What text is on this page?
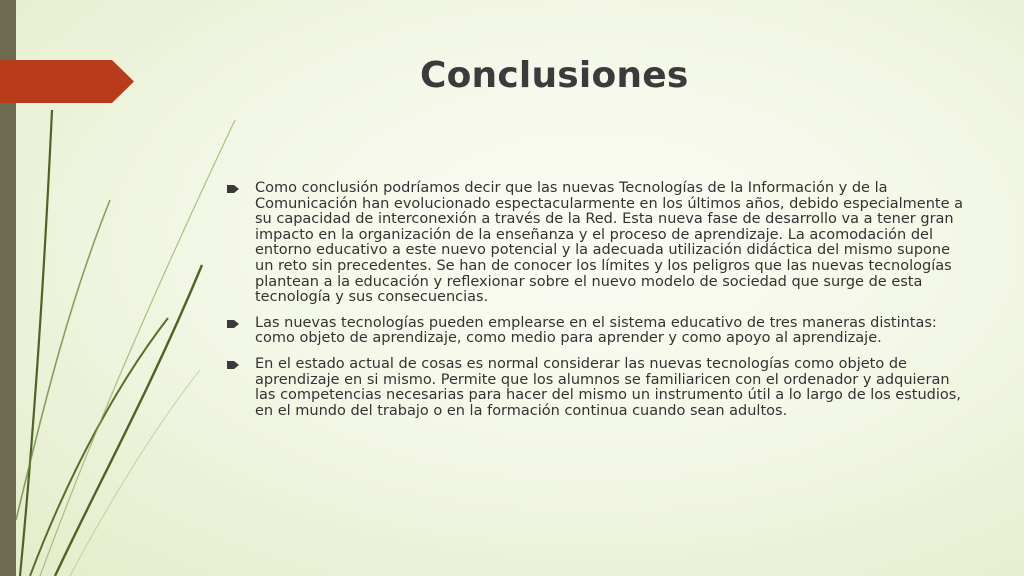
Conclusiones
Como conclusión podríamos decir que las nuevas Tecnologías de la Información y de la Comunicación han evolucionado espectacularmente en los últimos años, debido especialmente a su capacidad de interconexión a través de la Red. Esta nueva fase de desarrollo va a tener gran impacto en la organización de la enseñanza y el proceso de aprendizaje. La acomodación del entorno educativo a este nuevo potencial y la adecuada utilización didáctica del mismo supone un reto sin precedentes. Se han de conocer los límites y los peligros que las nuevas tecnologías plantean a la educación y reflexionar sobre el nuevo modelo de sociedad que surge de esta tecnología y sus consecuencias.
Las nuevas tecnologías pueden emplearse en el sistema educativo de tres maneras distintas: como objeto de aprendizaje, como medio para aprender y como apoyo al aprendizaje.
En el estado actual de cosas es normal considerar las nuevas tecnologías como objeto de aprendizaje en si mismo. Permite que los alumnos se familiaricen con el ordenador y adquieran las competencias necesarias para hacer del mismo un instrumento útil a lo largo de los estudios, en el mundo del trabajo o en la formación continua cuando sean adultos.
